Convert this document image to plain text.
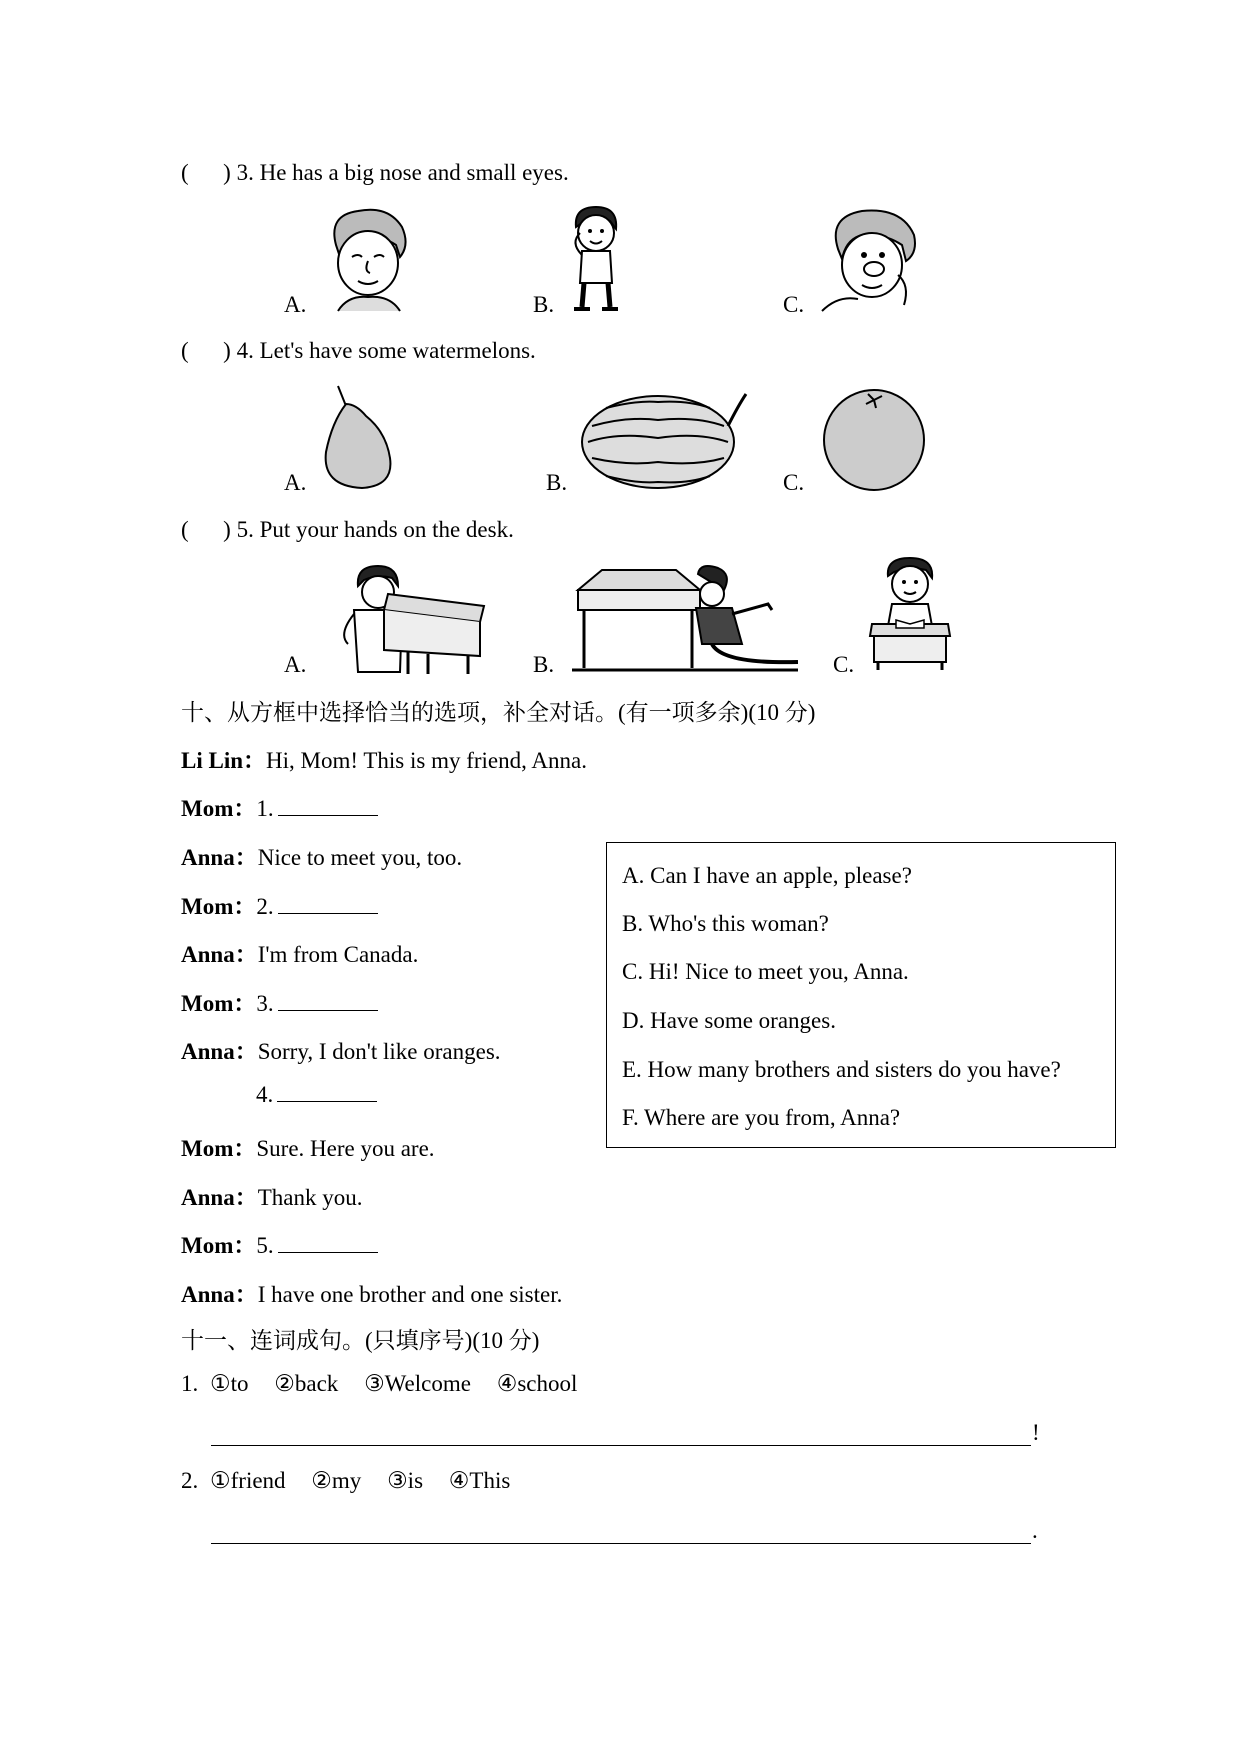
(      ) 3. He has a big nose and small eyes.
A.	B.	C.
(      ) 4. Let's have some watermelons.
A.	B.	C.
(      ) 5. Put your hands on the desk.
A.	B.	C.
十、从方框中选择恰当的选项，补全对话。(有一项多余)(10 分)
Li Lin：Hi, Mom! This is my friend, Anna.
Mom：1.
Anna：Nice to meet you, too.
Mom：2.
Anna：I'm from Canada.
Mom：3.
Anna：Sorry, I don't like oranges.
4.
Mom：Sure. Here you are.
Anna：Thank you.
Mom：5.
Anna：I have one brother and one sister.
A. Can I have an apple, please?
B. Who's this woman?
C. Hi! Nice to meet you, Anna.
D. Have some oranges.
E. How many brothers and sisters do you have?
F. Where are you from, Anna?
十一、连词成句。(只填序号)(10 分)
1. ①to ②back ③Welcome ④school
!
2. ①friend ②my ③is ④This
.
